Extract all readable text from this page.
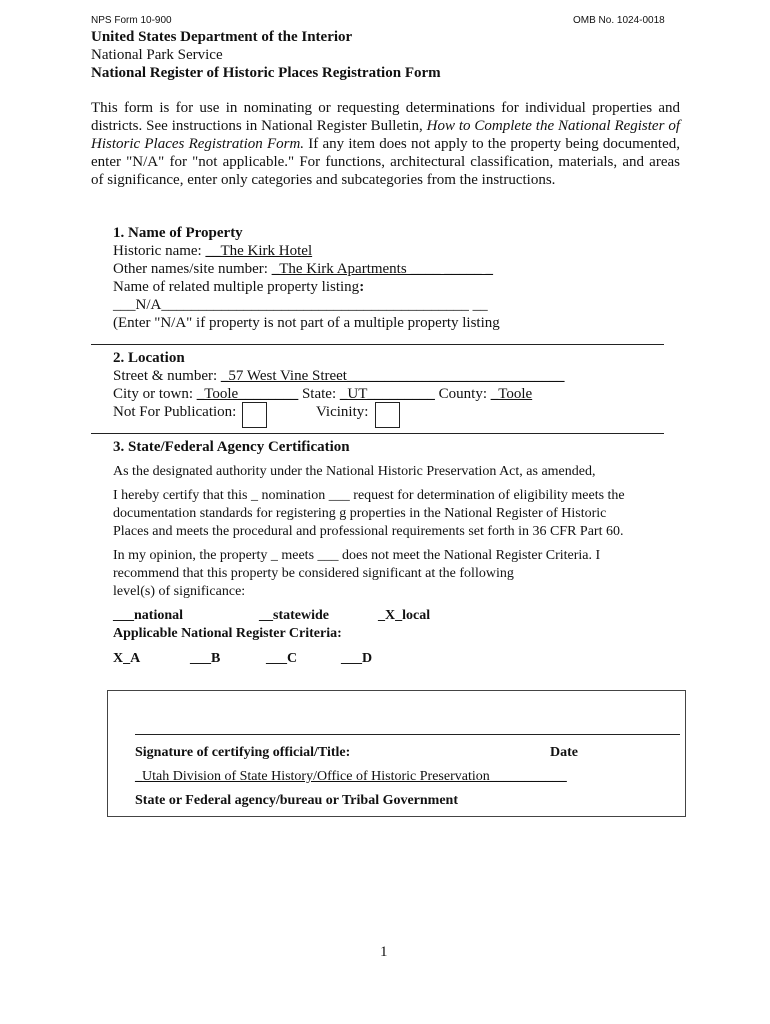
NPS Form 10-900	OMB No. 1024-0018
United States Department of the Interior
National Park Service
National Register of Historic Places Registration Form
This form is for use in nominating or requesting determinations for individual properties and districts. See instructions in National Register Bulletin, How to Complete the National Register of Historic Places Registration Form. If any item does not apply to the property being documented, enter "N/A" for "not applicable." For functions, architectural classification, materials, and areas of significance, enter only categories and subcategories from the instructions.
1. Name of Property
Historic name: __The Kirk Hotel
Other names/site number: _The Kirk Apartments ____ _____ _
Name of related multiple property listing:
___N/A_________________________________________ __
(Enter "N/A" if property is not part of a multiple property listing
2. Location
Street & number: _57 West Vine Street_____________________________
City or town: _Toole________ State: _UT_________ County: _Toole
Not For Publication:	Vicinity:
3. State/Federal Agency Certification
As the designated authority under the National Historic Preservation Act, as amended,
I hereby certify that this _ nomination ___ request for determination of eligibility meets the
documentation standards for registering g properties in the National Register of Historic
Places and meets the procedural and professional requirements set forth in 36 CFR Part 60.
In my opinion, the property _ meets ___ does not meet the National Register Criteria. I
recommend that this property be considered significant at the following
level(s) of significance:
___national	__statewide	_X_local
Applicable National Register Criteria:
X_A	___B	___C	___D
Signature of certifying official/Title:	Date
_Utah Division of State History/Office of Historic Preservation___________
State or Federal agency/bureau or Tribal Government
1
